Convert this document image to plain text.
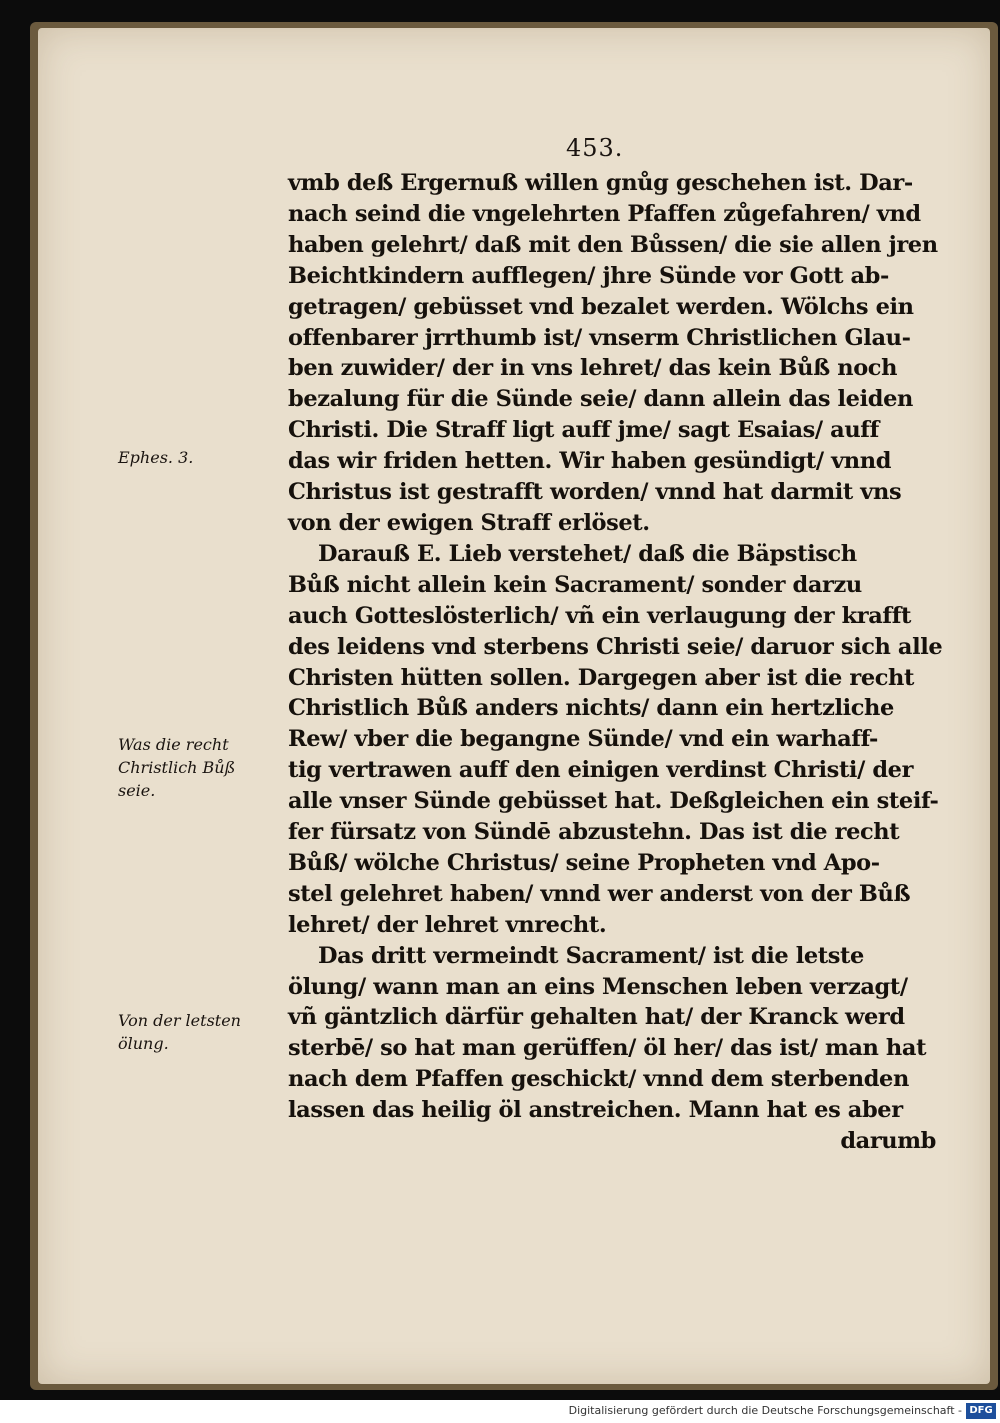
453.
vmb deß Ergernuß willen gnůg geschehen ist. Dar-
nach seind die vngelehrten Pfaffen zůgefahren/ vnd
haben gelehrt/ daß mit den Bůssen/ die sie allen jren
Beichtkindern aufflegen/ jhre Sünde vor Gott ab-
getragen/ gebüsset vnd bezalet werden. Wölchs ein
offenbarer jrrthumb ist/ vnserm Christlichen Glau-
ben zuwider/ der in vns lehret/ das kein Bůß noch
bezalung für die Sünde seie/ dann allein das leiden
Christi. Die Straff ligt auff jme/ sagt Esaias/ auff
das wir friden hetten. Wir haben gesündigt/ vnnd
Christus ist gestrafft worden/ vnnd hat darmit vns
von der ewigen Straff erlöset.
Darauß E. Lieb verstehet/ daß die Bäpstisch
Bůß nicht allein kein Sacrament/ sonder darzu
auch Gotteslösterlich/ vñ ein verlaugung der krafft
des leidens vnd sterbens Christi seie/ daruor sich alle
Christen hütten sollen. Dargegen aber ist die recht
Christlich Bůß anders nichts/ dann ein hertzliche
Rew/ vber die begangne Sünde/ vnd ein warhaff-
tig vertrawen auff den einigen verdinst Christi/ der
alle vnser Sünde gebüsset hat. Deßgleichen ein steif-
fer fürsatz von Sündē abzustehn. Das ist die recht
Bůß/ wölche Christus/ seine Propheten vnd Apo-
stel gelehret haben/ vnnd wer anderst von der Bůß
lehret/ der lehret vnrecht.
Das dritt vermeindt Sacrament/ ist die letste
ölung/ wann man an eins Menschen leben verzagt/
vñ gäntzlich därfür gehalten hat/ der Kranck werd
sterbē/ so hat man gerüffen/ öl her/ das ist/ man hat
nach dem Pfaffen geschickt/ vnnd dem sterbenden
lassen das heilig öl anstreichen. Mann hat es aber
darumb
Ephes. 3.
Was die recht
Christlich Bůß
seie.
Von der letsten
ölung.
Digitalisierung gefördert durch die Deutsche Forschungsgemeinschaft - DFG
